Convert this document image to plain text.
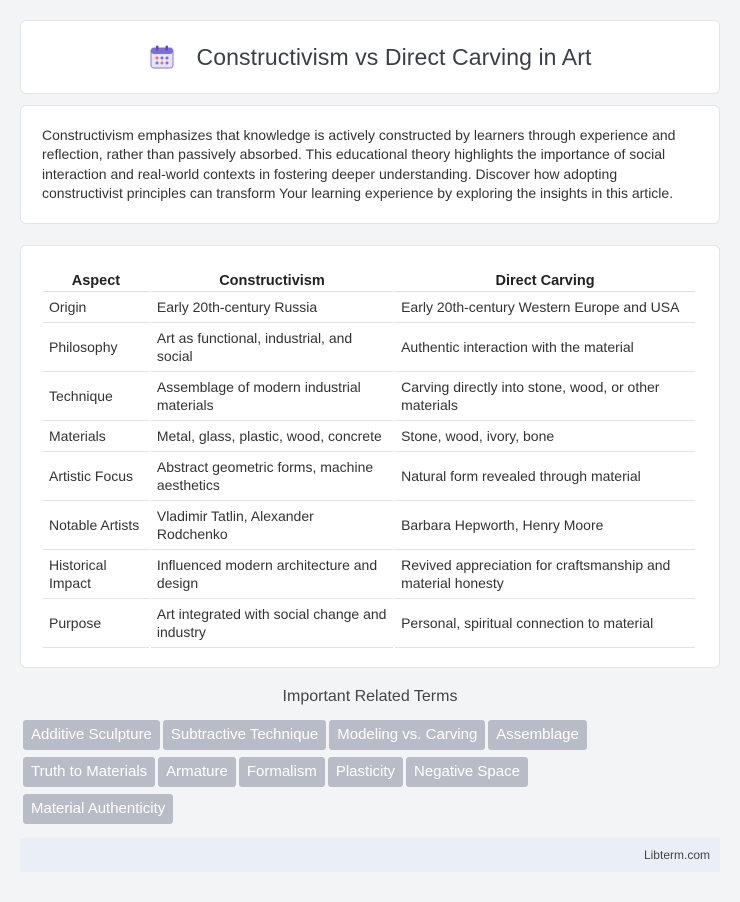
Constructivism vs Direct Carving in Art

Constructivism emphasizes that knowledge is actively constructed by learners through experience and reflection, rather than passively absorbed. This educational theory highlights the importance of social interaction and real-world contexts in fostering deeper understanding. Discover how adopting constructivist principles can transform Your learning experience by exploring the insights in this article.

Aspect	Constructivism	Direct Carving
Origin	Early 20th-century Russia	Early 20th-century Western Europe and USA
Philosophy	Art as functional, industrial, and social	Authentic interaction with the material
Technique	Assemblage of modern industrial materials	Carving directly into stone, wood, or other materials
Materials	Metal, glass, plastic, wood, concrete	Stone, wood, ivory, bone
Artistic Focus	Abstract geometric forms, machine aesthetics	Natural form revealed through material
Notable Artists	Vladimir Tatlin, Alexander Rodchenko	Barbara Hepworth, Henry Moore
Historical Impact	Influenced modern architecture and design	Revived appreciation for craftsmanship and material honesty
Purpose	Art integrated with social change and industry	Personal, spiritual connection to material
Important Related Terms
Additive Sculpture Subtractive Technique Modeling vs. Carving Assemblage
Truth to Materials Armature Formalism Plasticity Negative Space
Material Authenticity
Libterm.com
